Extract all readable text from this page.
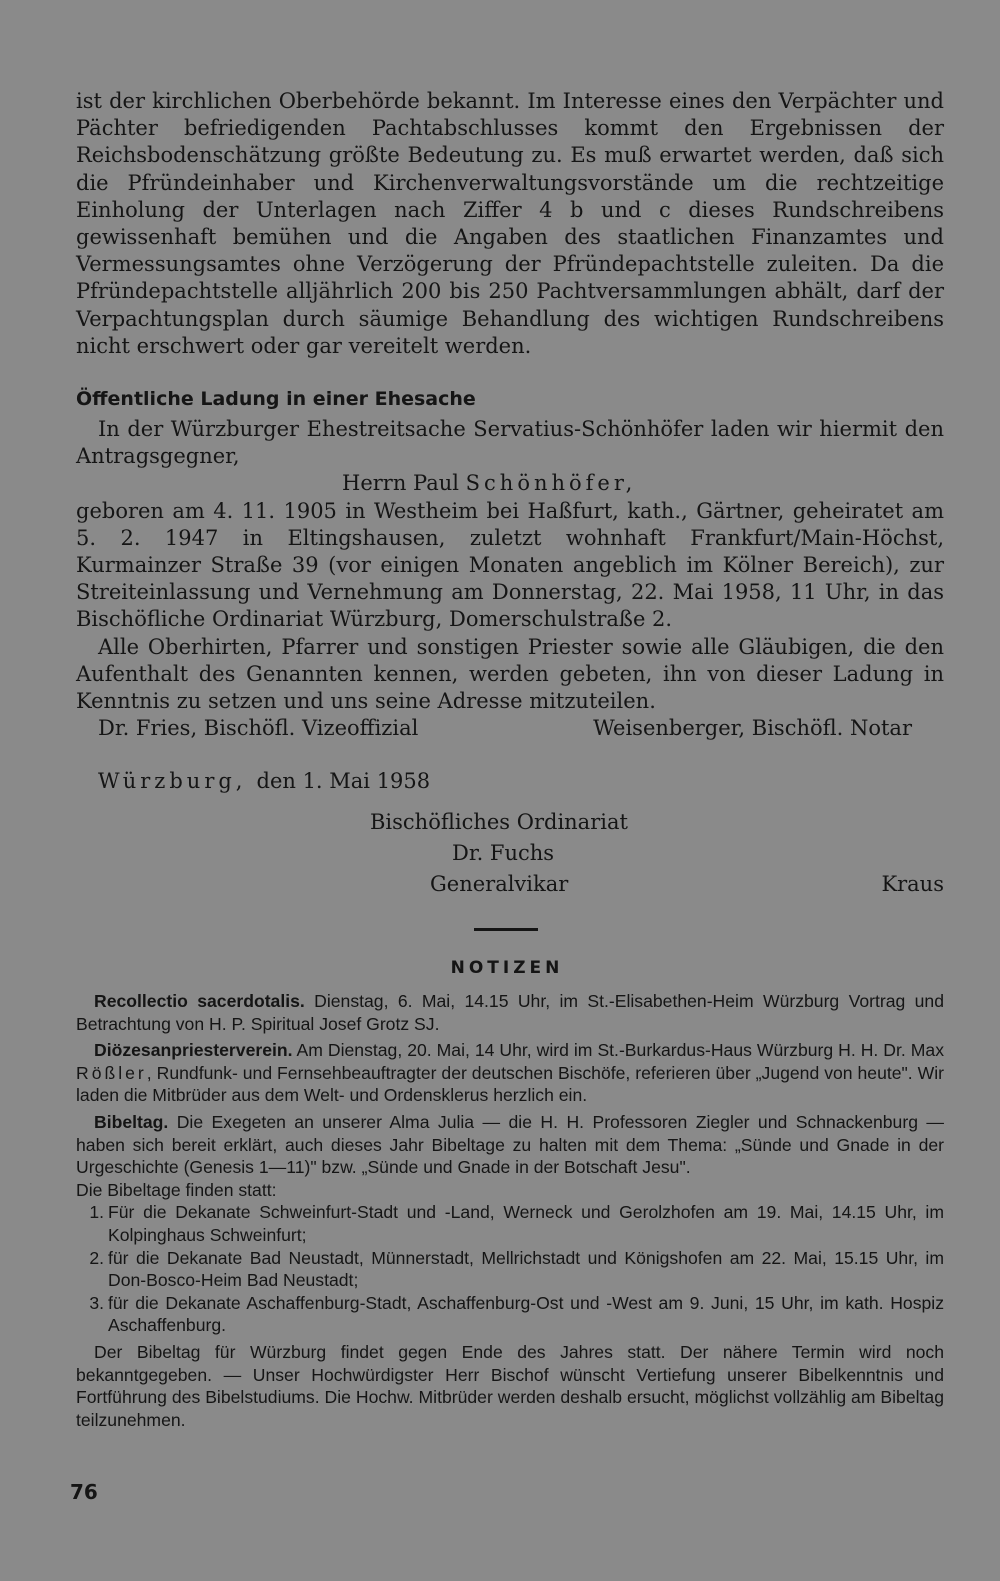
ist der kirchlichen Oberbehörde bekannt. Im Interesse eines den Verpächter und Pächter befriedigenden Pachtabschlusses kommt den Ergebnissen der Reichsbodenschätzung größte Bedeutung zu. Es muß erwartet werden, daß sich die Pfründeinhaber und Kirchenverwaltungsvorstände um die rechtzeitige Einholung der Unterlagen nach Ziffer 4 b und c dieses Rundschreibens gewissenhaft bemühen und die Angaben des staatlichen Finanzamtes und Vermessungsamtes ohne Verzögerung der Pfründepachtstelle zuleiten. Da die Pfründepachtstelle alljährlich 200 bis 250 Pachtversammlungen abhält, darf der Verpachtungsplan durch säumige Behandlung des wichtigen Rundschreibens nicht erschwert oder gar vereitelt werden.

Öffentliche Ladung in einer Ehesache

In der Würzburger Ehestreitsache Servatius-Schönhöfer laden wir hiermit den Antragsgegner,

Herrn Paul Schönhöfer,

geboren am 4. 11. 1905 in Westheim bei Haßfurt, kath., Gärtner, geheiratet am 5. 2. 1947 in Eltingshausen, zuletzt wohnhaft Frankfurt/Main-Höchst, Kurmainzer Straße 39 (vor einigen Monaten angeblich im Kölner Bereich), zur Streiteinlassung und Vernehmung am Donnerstag, 22. Mai 1958, 11 Uhr, in das Bischöfliche Ordinariat Würzburg, Domerschulstraße 2.

Alle Oberhirten, Pfarrer und sonstigen Priester sowie alle Gläubigen, die den Aufenthalt des Genannten kennen, werden gebeten, ihn von dieser Ladung in Kenntnis zu setzen und uns seine Adresse mitzuteilen.

Dr. Fries, Bischöfl. Vizeoffizial	Weisenberger, Bischöfl. Notar
Würzburg, den 1. Mai 1958
Bischöfliches Ordinariat
Dr. Fuchs
Generalvikar	Kraus
NOTIZEN

Recollectio sacerdotalis. Dienstag, 6. Mai, 14.15 Uhr, im St.-Elisabethen-Heim Würzburg Vortrag und Betrachtung von H. P. Spiritual Josef Grotz SJ.

Diözesanpriesterverein. Am Dienstag, 20. Mai, 14 Uhr, wird im St.-Burkardus-Haus Würzburg H. H. Dr. Max Rößler, Rundfunk- und Fernsehbeauftragter der deutschen Bischöfe, referieren über „Jugend von heute". Wir laden die Mitbrüder aus dem Welt- und Ordensklerus herzlich ein.

Bibeltag. Die Exegeten an unserer Alma Julia — die H. H. Professoren Ziegler und Schnackenburg — haben sich bereit erklärt, auch dieses Jahr Bibeltage zu halten mit dem Thema: „Sünde und Gnade in der Urgeschichte (Genesis 1—11)" bzw. „Sünde und Gnade in der Botschaft Jesu".

Die Bibeltage finden statt:

1. Für die Dekanate Schweinfurt-Stadt und -Land, Werneck und Gerolzhofen am 19. Mai, 14.15 Uhr, im Kolpinghaus Schweinfurt;
2. für die Dekanate Bad Neustadt, Münnerstadt, Mellrichstadt und Königshofen am 22. Mai, 15.15 Uhr, im Don-Bosco-Heim Bad Neustadt;
3. für die Dekanate Aschaffenburg-Stadt, Aschaffenburg-Ost und -West am 9. Juni, 15 Uhr, im kath. Hospiz Aschaffenburg.

Der Bibeltag für Würzburg findet gegen Ende des Jahres statt. Der nähere Termin wird noch bekanntgegeben. — Unser Hochwürdigster Herr Bischof wünscht Vertiefung unserer Bibelkenntnis und Fortführung des Bibelstudiums. Die Hochw. Mitbrüder werden deshalb ersucht, möglichst vollzählig am Bibeltag teilzunehmen.

76
